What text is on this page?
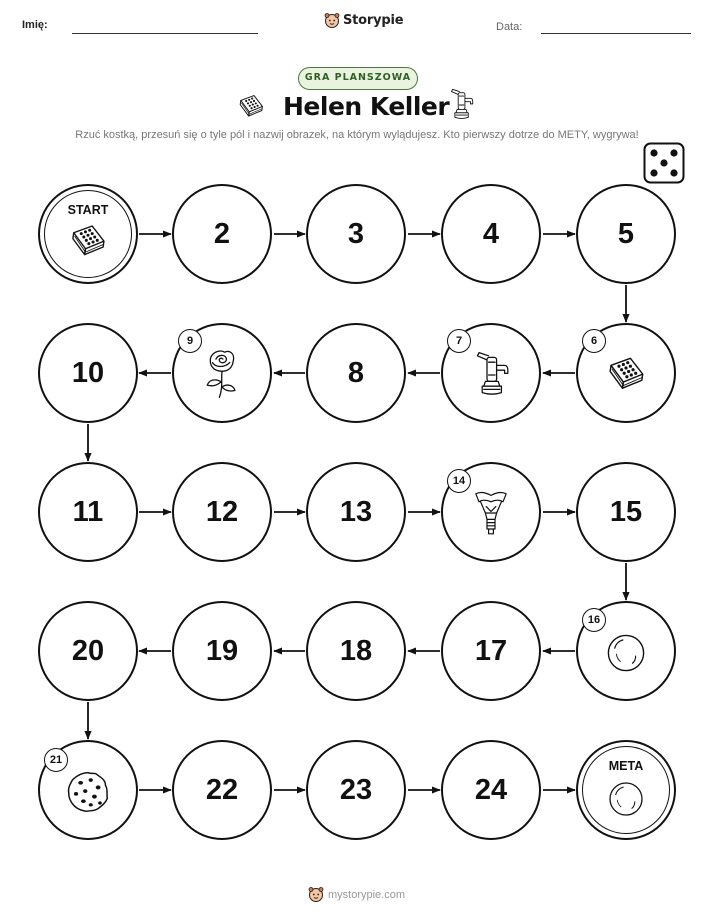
Imię:	Storypie	Data:
GRA PLANSZOWA
Helen Keller
Rzuć kostką, przesuń się o tyle pól i nazwij obrazek, na którym wylądujesz. Kto pierwszy dotrze do METY, wygrywa!
START
2	3	4	5
10
9
8
7	6
11	12	13
14
15
20	19	18	17
16
21
22	23	24
META
mystorypie.com
